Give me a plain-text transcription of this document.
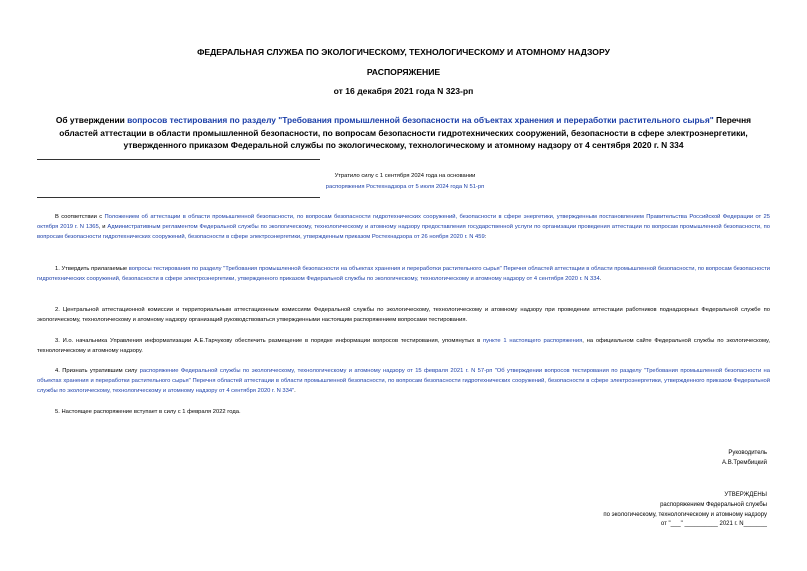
ФЕДЕРАЛЬНАЯ СЛУЖБА ПО ЭКОЛОГИЧЕСКОМУ, ТЕХНОЛОГИЧЕСКОМУ И АТОМНОМУ НАДЗОРУ
РАСПОРЯЖЕНИЕ
от 16 декабря 2021 года N 323-рп
Об утверждении вопросов тестирования по разделу "Требования промышленной безопасности на объектах хранения и переработки растительного сырья" Перечня областей аттестации в области промышленной безопасности, по вопросам безопасности гидротехнических сооружений, безопасности в сфере электроэнергетики, утвержденного приказом Федеральной службы по экологическому, технологическому и атомному надзору от 4 сентября 2020 г. N 334
Утратило силу с 1 сентября 2024 года на основании
распоряжения Ростехнадзора от 5 июля 2024 года N 51-рп
В соответствии с Положением об аттестации в области промышленной безопасности, по вопросам безопасности гидротехнических сооружений, безопасности в сфере энергетики, утвержденным постановлением Правительства Российской Федерации от 25 октября 2019 г. N 1365, и Административным регламентом Федеральной службы по экологическому, технологическому и атомному надзору предоставления государственной услуги по организации проведения аттестации по вопросам промышленной безопасности, по вопросам безопасности гидротехнических сооружений, безопасности в сфере электроэнергетики, утвержденным приказом Ростехнадзора от 26 ноября 2020 г. N 459:
1. Утвердить прилагаемые вопросы тестирования по разделу "Требования промышленной безопасности на объектах хранения и переработки растительного сырья" Перечня областей аттестации в области промышленной безопасности, по вопросам безопасности гидротехнических сооружений, безопасности в сфере электроэнергетики, утвержденного приказом Федеральной службы по экологическому, технологическому и атомному надзору от 4 сентября 2020 г. N 334.
2. Центральной аттестационной комиссии и территориальным аттестационным комиссиям Федеральной службы по экологическому, технологическому и атомному надзору при проведении аттестации работников поднадзорных Федеральной службе по экологическому, технологическому и атомному надзору организаций руководствоваться утвержденными настоящим распоряжением вопросами тестирования.
3. И.о. начальника Управления информатизации А.Е.Тарчукову обеспечить размещение в порядке информации вопросов тестирования, упомянутых в пункте 1 настоящего распоряжения, на официальном сайте Федеральной службы по экологическому, технологическому и атомному надзору.
4. Признать утратившим силу распоряжение Федеральной службы по экологическому, технологическому и атомному надзору от 15 февраля 2021 г. N 57-рп "Об утверждении вопросов тестирования по разделу "Требования промышленной безопасности на объектах хранения и переработки растительного сырья" Перечня областей аттестации в области промышленной безопасности, по вопросам безопасности гидротехнических сооружений, безопасности в сфере электроэнергетики, утвержденного приказом Федеральной службы по экологическому, технологическому и атомному надзору от 4 сентября 2020 г. N 334".
5. Настоящее распоряжение вступает в силу с 1 февраля 2022 года.
Руководитель
А.В.Трембицкий
УТВЕРЖДЕНЫ
распоряжением Федеральной службы
по экологическому, технологическому и атомному надзору
от "___" __________ 2021 г. N_______
